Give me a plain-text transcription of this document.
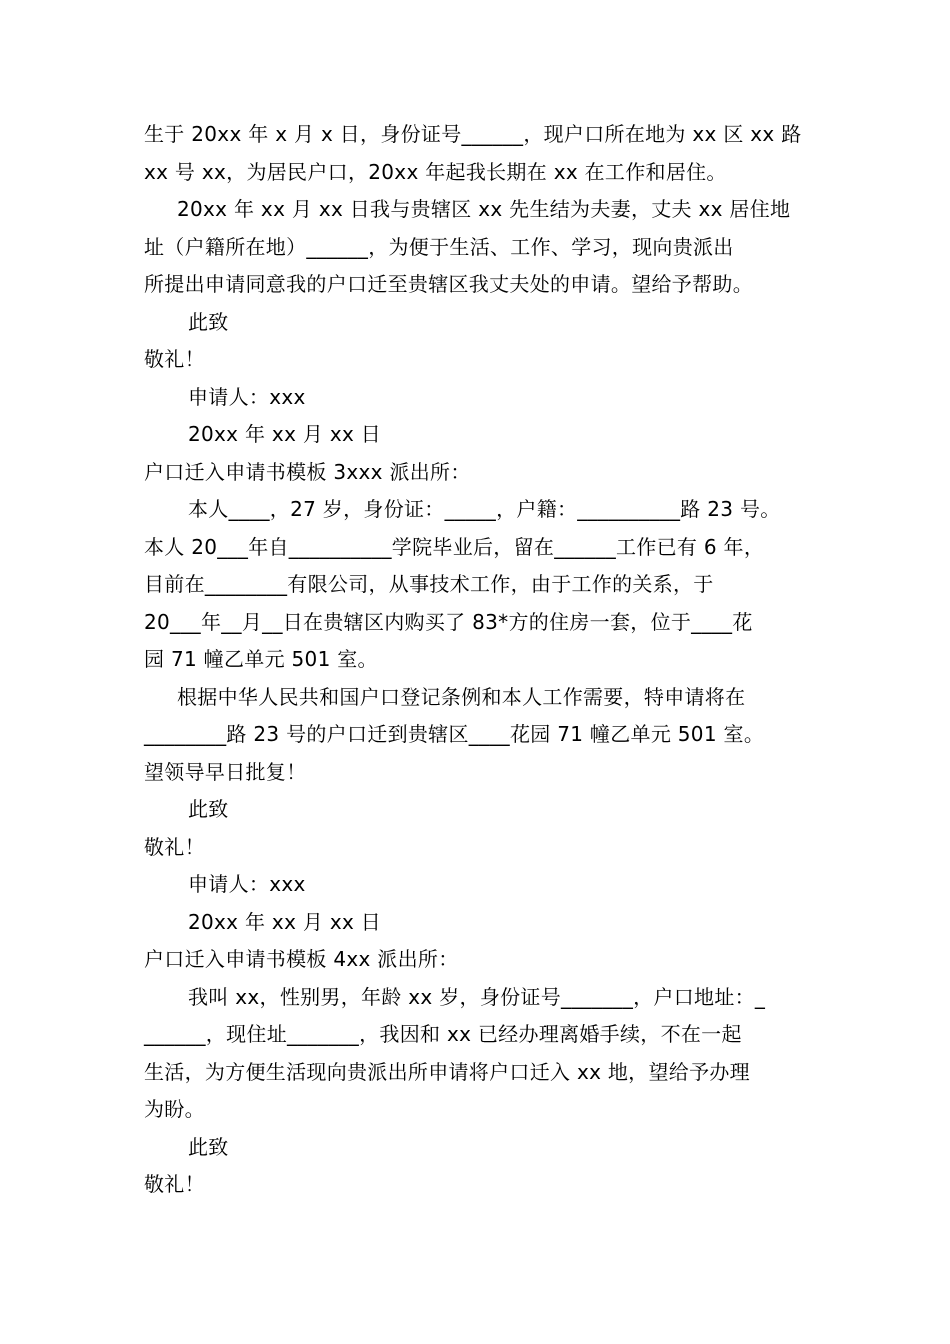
生于 20xx 年 x 月 x 日，身份证号______，现户口所在地为 xx 区 xx 路
xx 号 xx，为居民户口，20xx 年起我长期在 xx 在工作和居住。
20xx 年 xx 月 xx 日我与贵辖区 xx 先生结为夫妻，丈夫 xx 居住地
址（户籍所在地）______，为便于生活、工作、学习，现向贵派出
所提出申请同意我的户口迁至贵辖区我丈夫处的申请。望给予帮助。
此致
敬礼！
申请人：xxx
20xx 年 xx 月 xx 日
户口迁入申请书模板 3xxx 派出所：
本人____，27 岁，身份证：_____，户籍：__________路 23 号。
本人 20___年自__________学院毕业后，留在______工作已有 6 年，
目前在________有限公司，从事技术工作，由于工作的关系，于
20___年__月__日在贵辖区内购买了 83*方的住房一套，位于____花
园 71 幢乙单元 501 室。
根据中华人民共和国户口登记条例和本人工作需要，特申请将在
________路 23 号的户口迁到贵辖区____花园 71 幢乙单元 501 室。
望领导早日批复！
此致
敬礼！
申请人：xxx
20xx 年 xx 月 xx 日
户口迁入申请书模板 4xx 派出所：
我叫 xx，性别男，年龄 xx 岁，身份证号_______，户口地址：_
______，现住址_______，我因和 xx 已经办理离婚手续，不在一起
生活，为方便生活现向贵派出所申请将户口迁入 xx 地，望给予办理
为盼。
此致
敬礼！
